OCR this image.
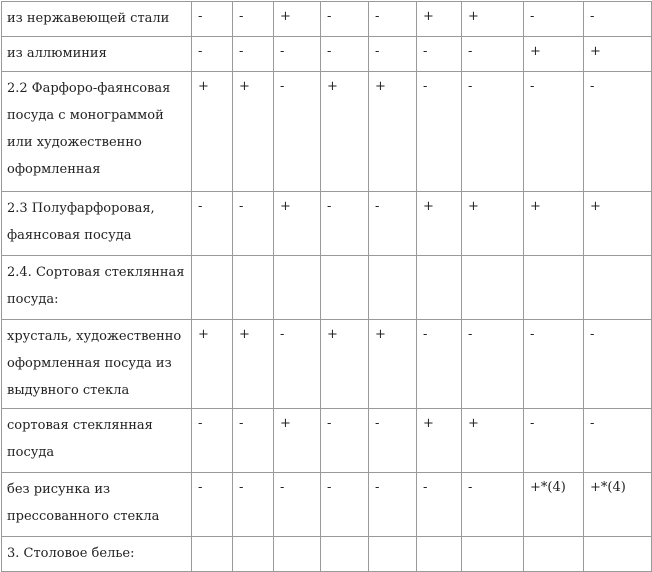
из нержавеющей стали	-	-	+	-	-	+	+	-	-
из аллюминия	-	-	-	-	-	-	-	+	+
2.2 Фарфоро-фаянсовая посуда с монограммой или художественно оформленная	+	+	-	+	+	-	-	-	-
2.3 Полуфарфоровая, фаянсовая посуда	-	-	+	-	-	+	+	+	+
2.4. Сортовая стеклянная посуда:									
хрусталь, художественно оформленная посуда из выдувного стекла	+	+	-	+	+	-	-	-	-
сортовая стеклянная посуда	-	-	+	-	-	+	+	-	-
без рисунка из прессованного стекла	-	-	-	-	-	-	-	+*(4)	+*(4)
3. Столовое белье:									
